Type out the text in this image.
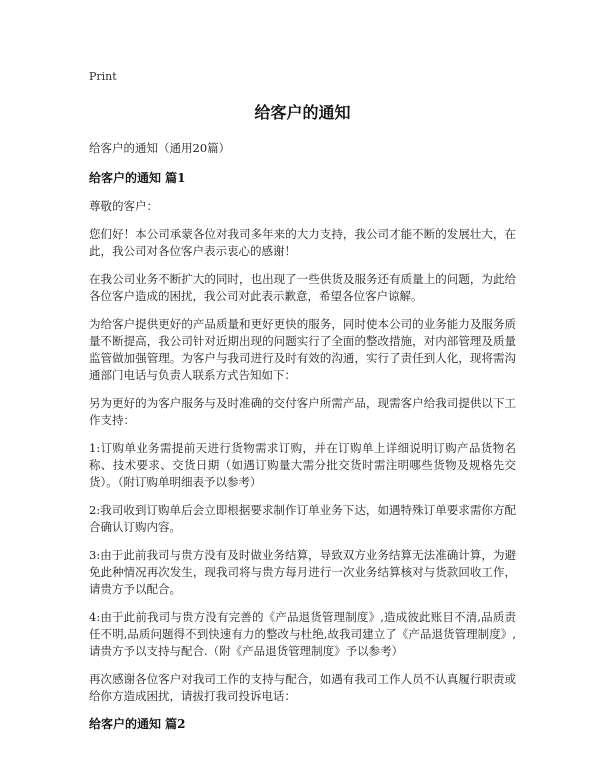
Print
给客户的通知
给客户的通知（通用20篇）
给客户的通知 篇1

尊敬的客户：

您们好！本公司承蒙各位对我司多年来的大力支持，我公司才能不断的发展壮大，在此，我公司对各位客户表示衷心的感谢！

在我公司业务不断扩大的同时，也出现了一些供货及服务还有质量上的问题，为此给各位客户造成的困扰，我公司对此表示歉意，希望各位客户谅解。

为给客户提供更好的产品质量和更好更快的服务，同时使本公司的业务能力及服务质量不断提高，我公司针对近期出现的问题实行了全面的整改措施，对内部管理及质量监管做加强管理。为客户与我司进行及时有效的沟通，实行了责任到人化，现将需沟通部门电话与负责人联系方式告知如下：

另为更好的为客户服务与及时准确的交付客户所需产品，现需客户给我司提供以下工作支持：

1:订购单业务需提前天进行货物需求订购，并在订购单上详细说明订购产品货物名称、技术要求、交货日期（如遇订购量大需分批交货时需注明哪些货物及规格先交货）。（附订购单明细表予以参考）

2:我司收到订购单后会立即根据要求制作订单业务下达，如遇特殊订单要求需你方配合确认订购内容。

3:由于此前我司与贵方没有及时做业务结算，导致双方业务结算无法准确计算，为避免此种情况再次发生，现我司将与贵方每月进行一次业务结算核对与货款回收工作，请贵方予以配合。

4:由于此前我司与贵方没有完善的《产品退货管理制度》,造成彼此账目不清,品质责任不明,品质问题得不到快速有力的整改与杜绝,故我司建立了《产品退货管理制度》,请贵方予以支持与配合.（附《产品退货管理制度》予以参考）

再次感谢各位客户对我司工作的支持与配合，如遇有我司工作人员不认真履行职责或给你方造成困扰，请拔打我司投诉电话：

给客户的通知 篇2
